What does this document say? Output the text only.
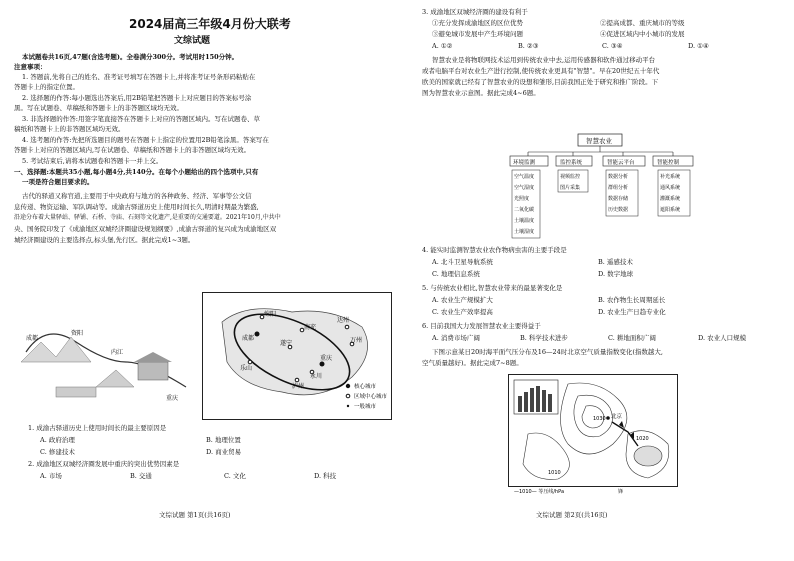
2024届高三年级4月份大联考
文综试题
本试题卷共16页,47题(含选考题)。全卷满分300分。考试用时150分钟。
注意事项：
1. 答题前,先将自己的姓名、准考证号填写在答题卡上,并将准考证号条形码粘贴在
答题卡上的指定位置。
2. 选择题的作答:每小题选出答案后,用2B铅笔把答题卡上对应题目的答案标号涂
黑。写在试题卷、草稿纸和答题卡上的非答题区域均无效。
3. 非选择题的作答:用签字笔直接答在答题卡上对应的答题区域内。写在试题卷、草
稿纸和答题卡上的非答题区域均无效。
4. 选考题的作答:先把所选题目的题号在答题卡上指定的位置用2B铅笔涂黑。答案写在
答题卡上对应的答题区域内,写在试题卷、草稿纸和答题卡上的非答题区域均无效。
5. 考试结束后,请将本试题卷和答题卡一并上交。
一、选择题:本题共35小题,每小题4分,共140分。在每个小题给出的四个选项中,只有
一项是符合题目要求的。
古代的驿道又称官道,主要用于中央政府与地方的各种政务、经济、军事等公文信
息传递、物资运输、军队调动等。成渝古驿道历史上使用时间长久,明清时期最为繁盛,
沿途分布着大量驿站、驿铺、石桥、寺庙、石刻等文化遗产,是重要的交通要道。2021年10月,中共中
央、国务院印发了《成渝地区双城经济圈建设规划纲要》,成渝古驿道的复兴成为成渝地区双
城经济圈建设的主要选择点,标头堡,先行区。据此完成1~3题。
成都
资阳
内江
重庆
绵阳
成都
南充
达州
遂宁	万州
重庆
乐山
泸州
永川
核心城市
区域中心城市
一般城市
1. 成渝古驿道历史上使用时间长的最主要原因是
A. 政府治理	B. 地理位置
C. 修建技术	D. 商业贸易
2. 成渝地区双城经济圈发展中重庆的突出优势因素是
A. 市场	B. 交通	C. 文化	D. 科技
文综试题 第1页(共16页)
3. 成渝地区双城经济圈的建设有利于
①充分发挥成渝地区的区位优势	②提高成都、重庆城市的等级
③避免城市发展中产生环境问题	④促进区域内中小城市的发展
A. ①②	B. ②③	C. ③④	D. ①④
智慧农业是将物联网技术运用到传统农业中去,运用传感器和软件通过移动平台
或者电脑平台对农业生产进行控制,使传统农业更具有"智慧"。早在20世纪五十年代
欧美的国家就已经有了智慧农业的设想和雏形,目前我国正处于研究和推广阶段。下
图为智慧农业示意图。据此完成4~6题。
智慧农业
环境监测	监控系统	智能云平台	智能控制
空气温度
空气湿度
光照度
二氧化碳
土壤温度
土壤湿度
视频监控
图片采集
数据分析
群组分析
数据存储
历史数据
补光系统
通风系统
灌溉系统
遮阳系统
4. 能实时监测智慧农业农作物病虫害的主要手段是
A. 北斗卫星导航系统	B. 遥感技术
C. 地理信息系统	D. 数字地球
5. 与传统农业相比,智慧农业带来的最显著变化是
A. 农业生产规模扩大	B. 农作物生长周期延长
C. 农业生产效率提高	D. 农业生产日趋专业化
6. 目前我国大力发展智慧农业主要得益于
A. 消费市场广阔	B. 科学技术进步	C. 耕地面积广阔	D. 农业人口规模
下图示意某日20时海平面气压分布及16—24时北京空气质量指数变化(指数越大,
空气质量越好)。据此完成7~8题。
北京
1010
1020
1030
—1010— 等压线/hPa	锋
文综试题 第2页(共16页)
